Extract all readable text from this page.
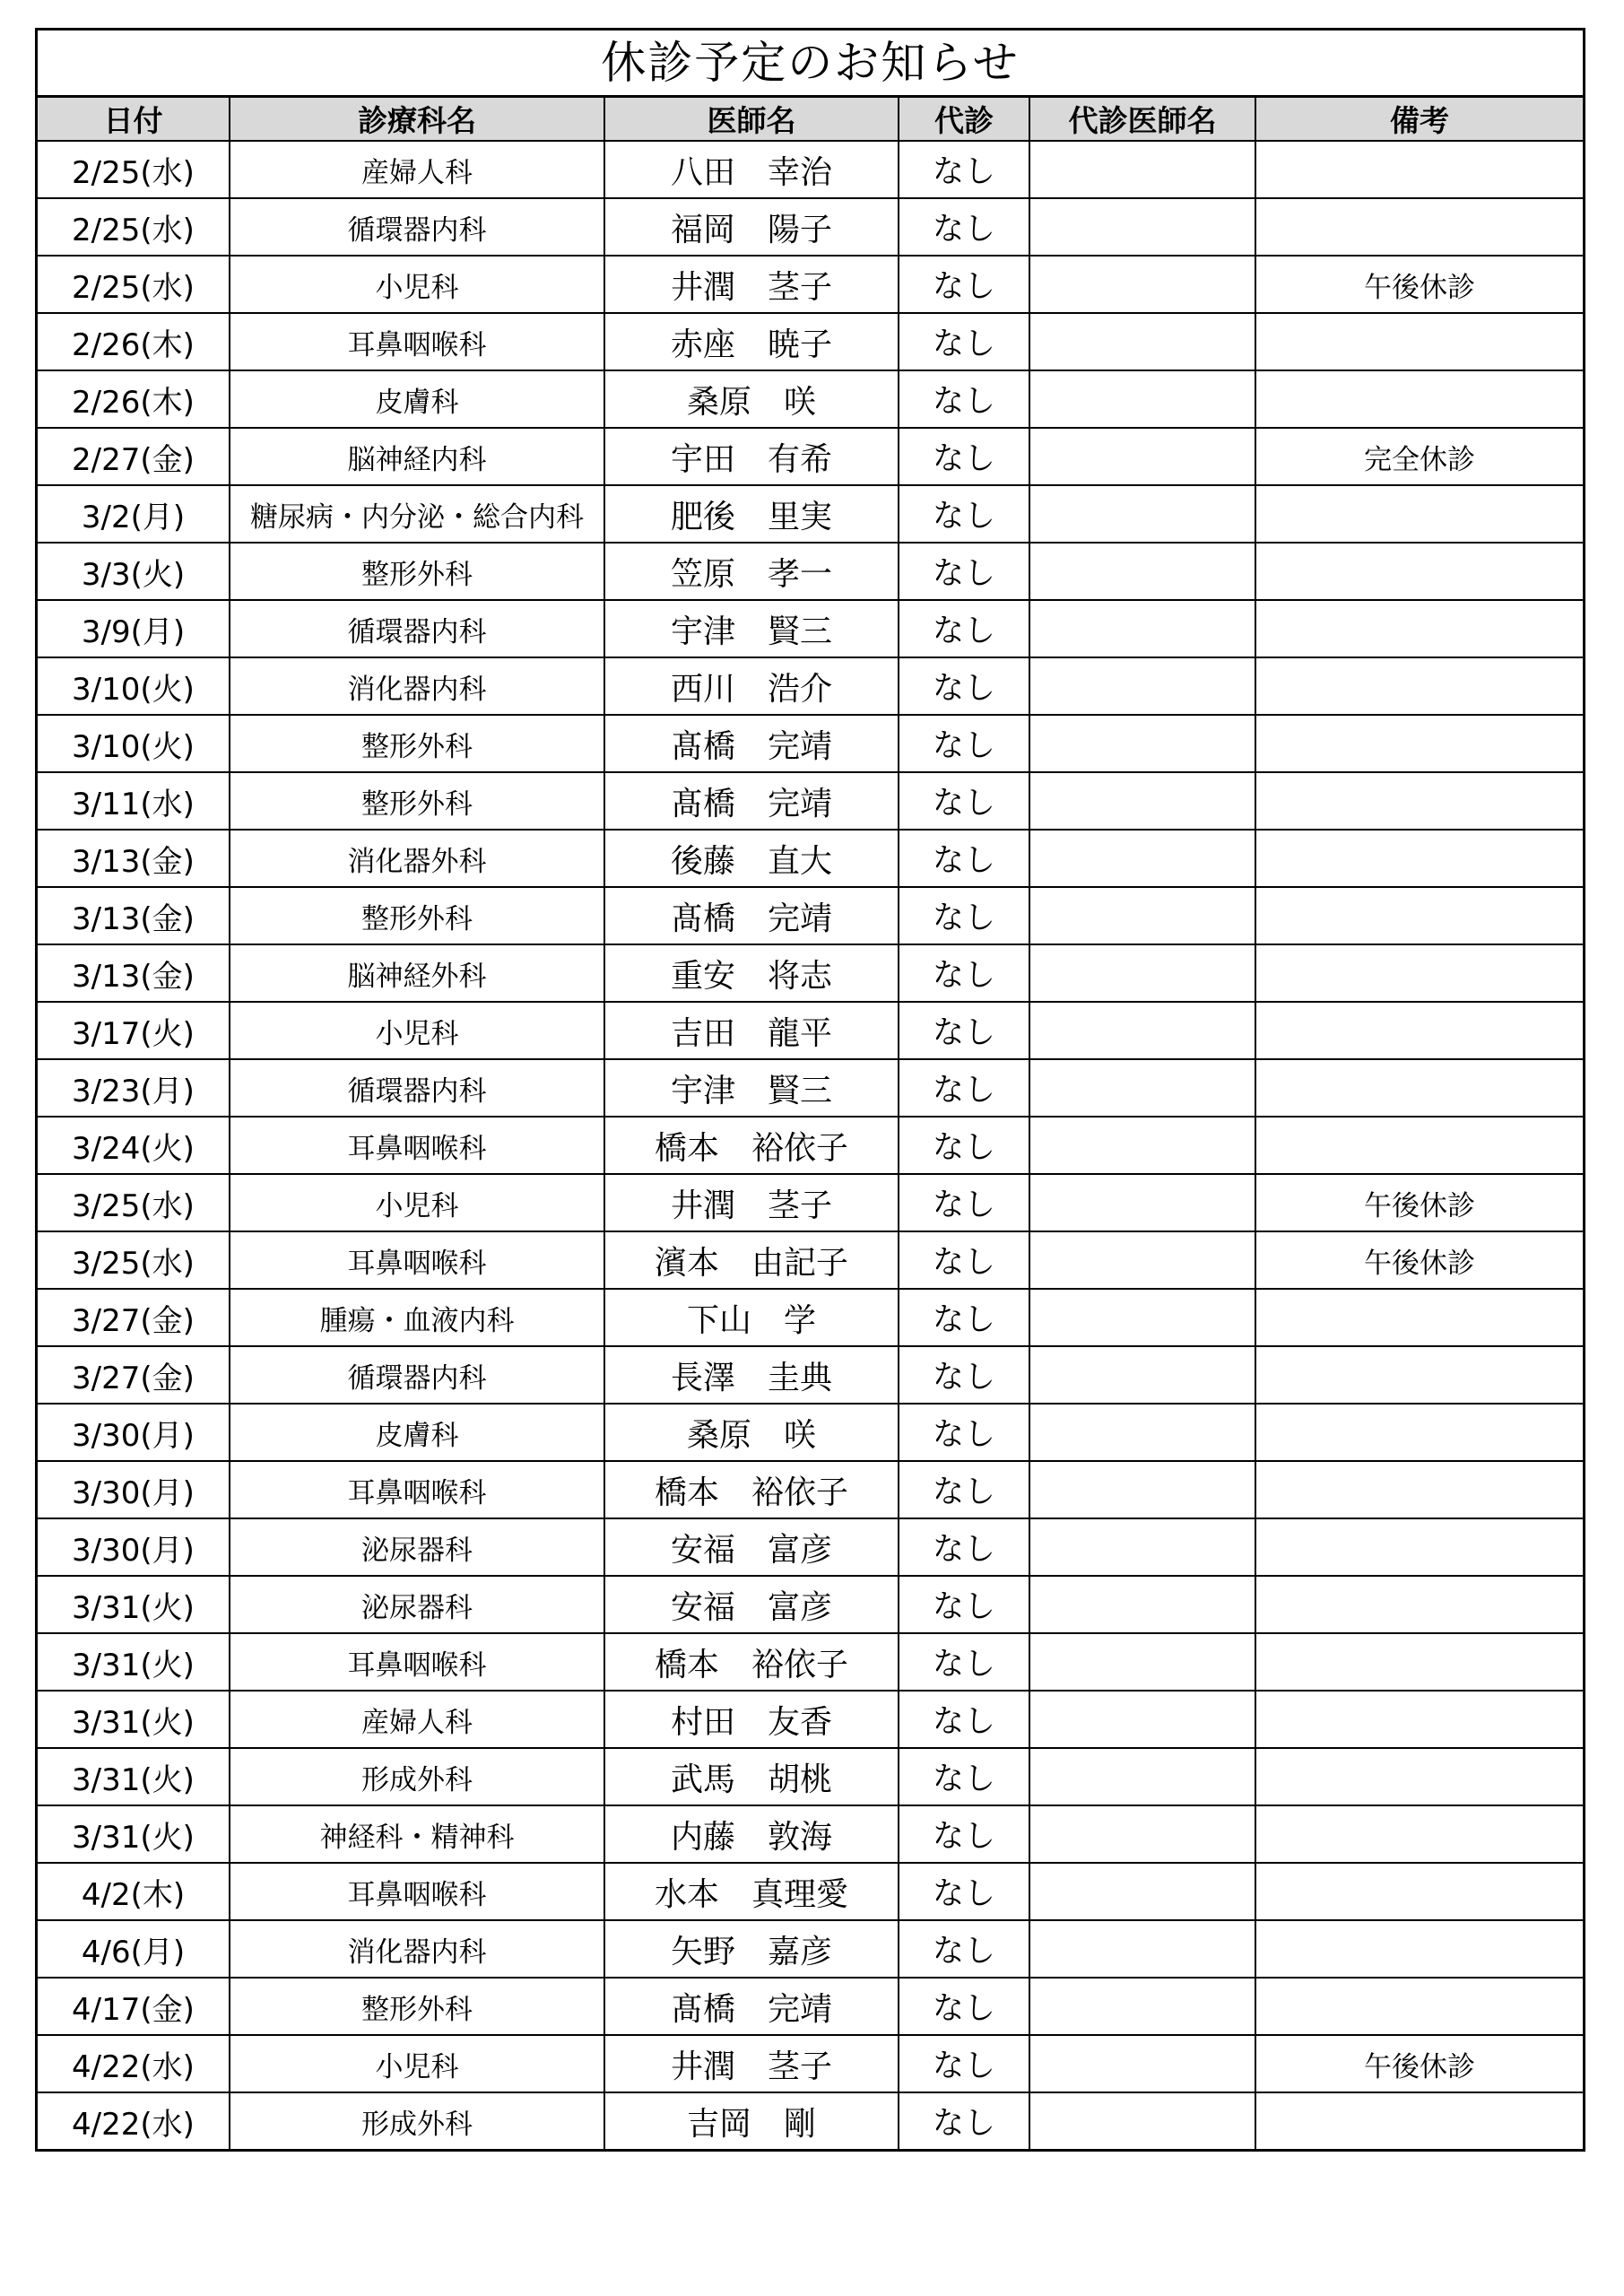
休診予定のお知らせ
日付	診療科名	医師名	代診	代診医師名	備考
2/25(水)	産婦人科	八田　幸治	なし		
2/25(水)	循環器内科	福岡　陽子	なし		
2/25(水)	小児科	井潤　茎子	なし		午後休診
2/26(木)	耳鼻咽喉科	赤座　暁子	なし		
2/26(木)	皮膚科	桑原　咲	なし		
2/27(金)	脳神経内科	宇田　有希	なし		完全休診
3/2(月)	糖尿病・内分泌・総合内科	肥後　里実	なし		
3/3(火)	整形外科	笠原　孝一	なし		
3/9(月)	循環器内科	宇津　賢三	なし		
3/10(火)	消化器内科	西川　浩介	なし		
3/10(火)	整形外科	髙橋　完靖	なし		
3/11(水)	整形外科	髙橋　完靖	なし		
3/13(金)	消化器外科	後藤　直大	なし		
3/13(金)	整形外科	髙橋　完靖	なし		
3/13(金)	脳神経外科	重安　将志	なし		
3/17(火)	小児科	吉田　龍平	なし		
3/23(月)	循環器内科	宇津　賢三	なし		
3/24(火)	耳鼻咽喉科	橋本　裕依子	なし		
3/25(水)	小児科	井潤　茎子	なし		午後休診
3/25(水)	耳鼻咽喉科	濱本　由記子	なし		午後休診
3/27(金)	腫瘍・血液内科	下山　学	なし		
3/27(金)	循環器内科	長澤　圭典	なし		
3/30(月)	皮膚科	桑原　咲	なし		
3/30(月)	耳鼻咽喉科	橋本　裕依子	なし		
3/30(月)	泌尿器科	安福　富彦	なし		
3/31(火)	泌尿器科	安福　富彦	なし		
3/31(火)	耳鼻咽喉科	橋本　裕依子	なし		
3/31(火)	産婦人科	村田　友香	なし		
3/31(火)	形成外科	武馬　胡桃	なし		
3/31(火)	神経科・精神科	内藤　敦海	なし		
4/2(木)	耳鼻咽喉科	水本　真理愛	なし		
4/6(月)	消化器内科	矢野　嘉彦	なし		
4/17(金)	整形外科	髙橋　完靖	なし		
4/22(水)	小児科	井潤　茎子	なし		午後休診
4/22(水)	形成外科	吉岡　剛	なし		
